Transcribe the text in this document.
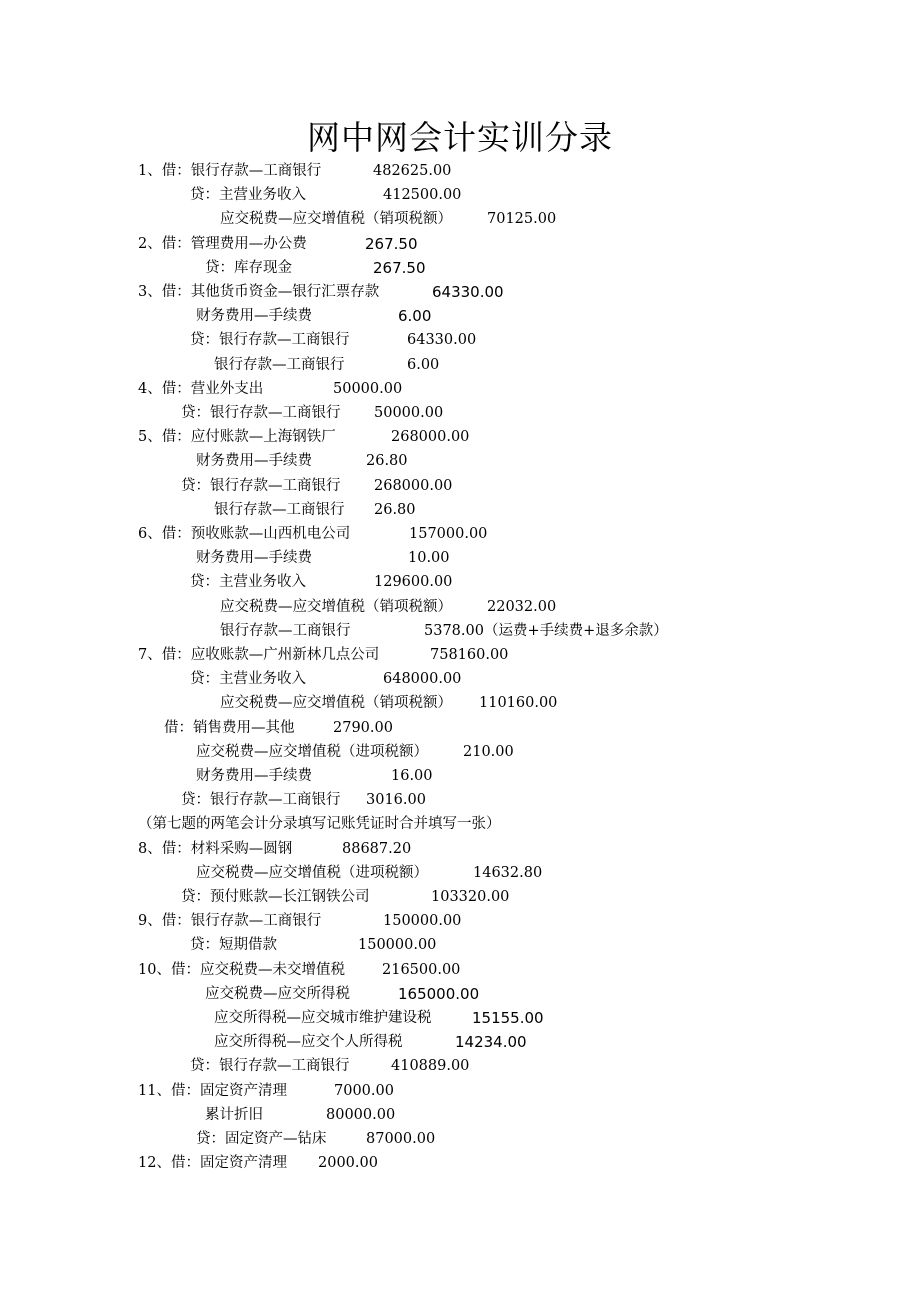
网中网会计实训分录
1、借：银行存款—工商银行	482625.00
贷：主营业务收入	412500.00
应交税费—应交增值税（销项税额） 70125.00
2、借：管理费用—办公费	267.50
贷：库存现金	267.50
3、借：其他货币资金—银行汇票存款	64330.00
财务费用—手续费	6.00
贷：银行存款—工商银行	64330.00
银行存款—工商银行	6.00
4、借：营业外支出	50000.00
贷：银行存款—工商银行 50000.00
5、借：应付账款—上海钢铁厂	268000.00
财务费用—手续费	26.80
贷：银行存款—工商银行 268000.00
银行存款—工商银行 26.80
6、借：预收账款—山西机电公司	157000.00
财务费用—手续费	10.00
贷：主营业务收入	129600.00
应交税费—应交增值税（销项税额） 22032.00
银行存款—工商银行	5378.00（运费+手续费+退多余款）
7、借：应收账款—广州新林几点公司	758160.00
贷：主营业务收入	648000.00
应交税费—应交增值税（销项税额） 110160.00
借：销售费用—其他	2790.00
应交税费—应交增值税（进项税额） 210.00
财务费用—手续费	16.00
贷：银行存款—工商银行 3016.00
（第七题的两笔会计分录填写记账凭证时合并填写一张）
8、借：材料采购—圆钢	88687.20
应交税费—应交增值税（进项税额）	14632.80
贷：预付账款—长江钢铁公司	103320.00
9、借：银行存款—工商银行	150000.00
贷：短期借款	150000.00
10、借：应交税费—未交增值税	216500.00
应交税费—应交所得税	165000.00
应交所得税—应交城市维护建设税	15155.00
应交所得税—应交个人所得税	14234.00
贷：银行存款—工商银行	410889.00
11、借：固定资产清理	7000.00
累计折旧	80000.00
贷：固定资产—钻床	87000.00
12、借：固定资产清理 2000.00
